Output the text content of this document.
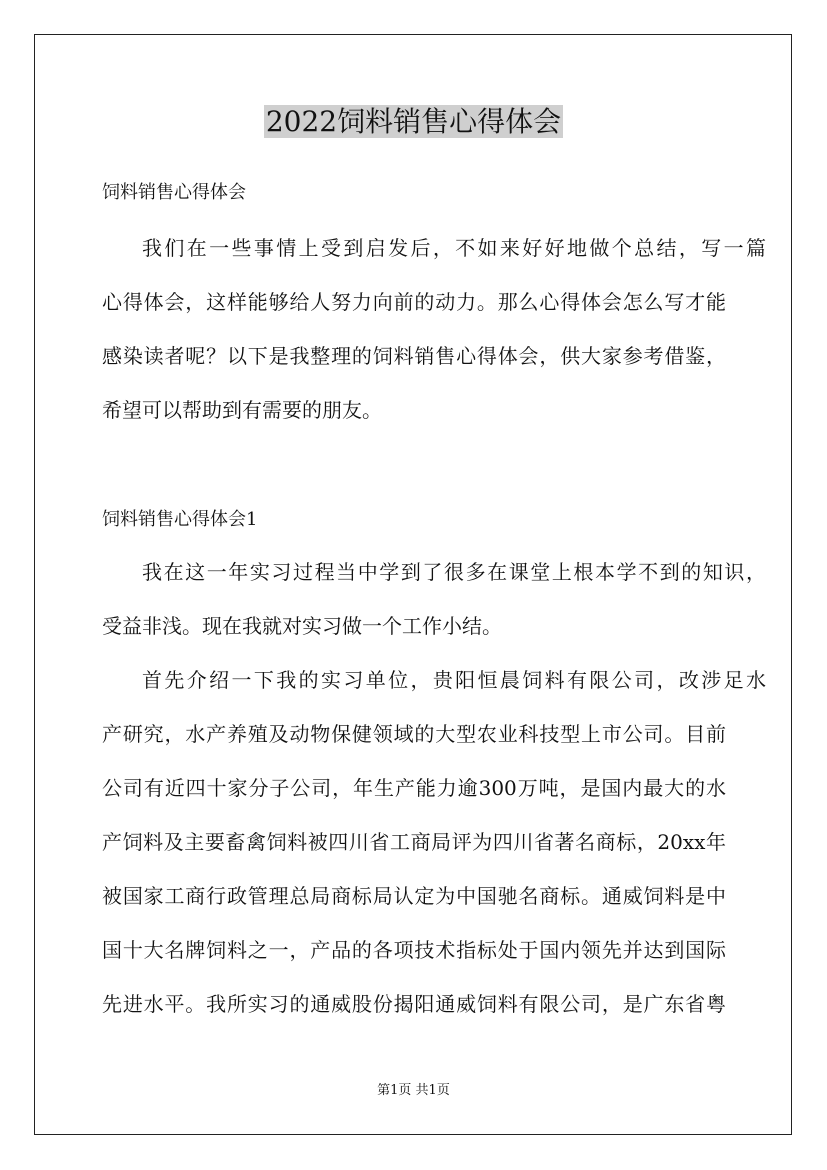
2022饲料销售心得体会
饲料销售心得体会
我们在一些事情上受到启发后，不如来好好地做个总结，写一篇
心得体会，这样能够给人努力向前的动力。那么心得体会怎么写才能
感染读者呢？以下是我整理的饲料销售心得体会，供大家参考借鉴，
希望可以帮助到有需要的朋友。
饲料销售心得体会1
我在这一年实习过程当中学到了很多在课堂上根本学不到的知识，
受益非浅。现在我就对实习做一个工作小结。
首先介绍一下我的实习单位，贵阳恒晨饲料有限公司，改涉足水
产研究，水产养殖及动物保健领域的大型农业科技型上市公司。目前
公司有近四十家分子公司，年生产能力逾300万吨，是国内最大的水
产饲料及主要畜禽饲料被四川省工商局评为四川省著名商标，20xx年
被国家工商行政管理总局商标局认定为中国驰名商标。通威饲料是中
国十大名牌饲料之一，产品的各项技术指标处于国内领先并达到国际
先进水平。我所实习的通威股份揭阳通威饲料有限公司，是广东省粤
第1页 共1页
